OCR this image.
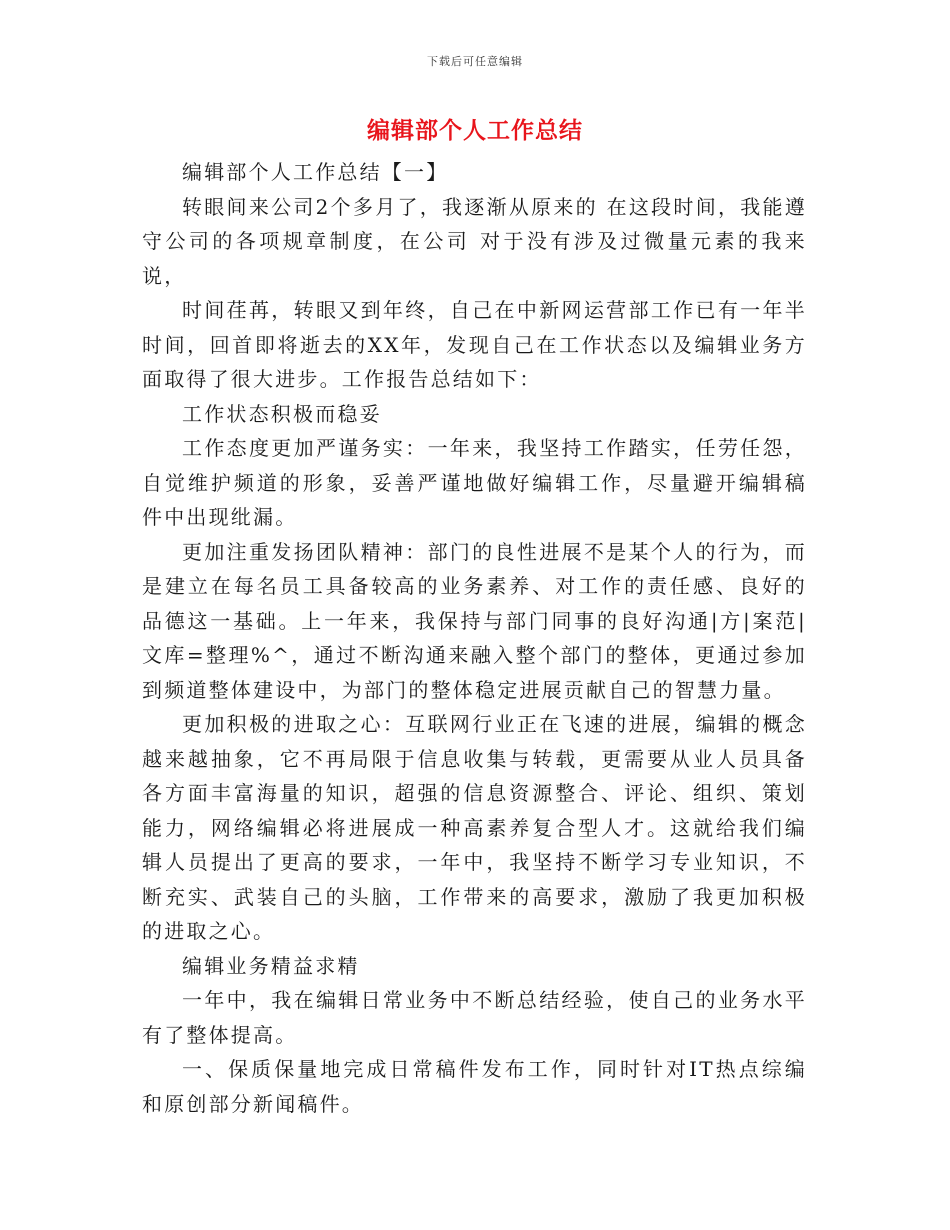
下载后可任意编辑
编辑部个人工作总结

编辑部个人工作总结【一】

转眼间来公司2个多月了，我逐渐从原来的 在这段时间，我能遵守公司的各项规章制度，在公司 对于没有涉及过微量元素的我来说，

时间荏苒，转眼又到年终，自己在中新网运营部工作已有一年半时间，回首即将逝去的XX年，发现自己在工作状态以及编辑业务方面取得了很大进步。工作报告总结如下：

工作状态积极而稳妥

工作态度更加严谨务实：一年来，我坚持工作踏实，任劳任怨，自觉维护频道的形象，妥善严谨地做好编辑工作，尽量避开编辑稿件中出现纰漏。

更加注重发扬团队精神：部门的良性进展不是某个人的行为，而是建立在每名员工具备较高的业务素养、对工作的责任感、良好的品德这一基础。上一年来，我保持与部门同事的良好沟通|方|案范|文库=整理%^，通过不断沟通来融入整个部门的整体，更通过参加到频道整体建设中，为部门的整体稳定进展贡献自己的智慧力量。

更加积极的进取之心：互联网行业正在飞速的进展，编辑的概念越来越抽象，它不再局限于信息收集与转载，更需要从业人员具备各方面丰富海量的知识，超强的信息资源整合、评论、组织、策划能力，网络编辑必将进展成一种高素养复合型人才。这就给我们编辑人员提出了更高的要求，一年中，我坚持不断学习专业知识，不断充实、武装自己的头脑，工作带来的高要求，激励了我更加积极的进取之心。

编辑业务精益求精

一年中，我在编辑日常业务中不断总结经验，使自己的业务水平有了整体提高。

一、保质保量地完成日常稿件发布工作，同时针对IT热点综编和原创部分新闻稿件。
